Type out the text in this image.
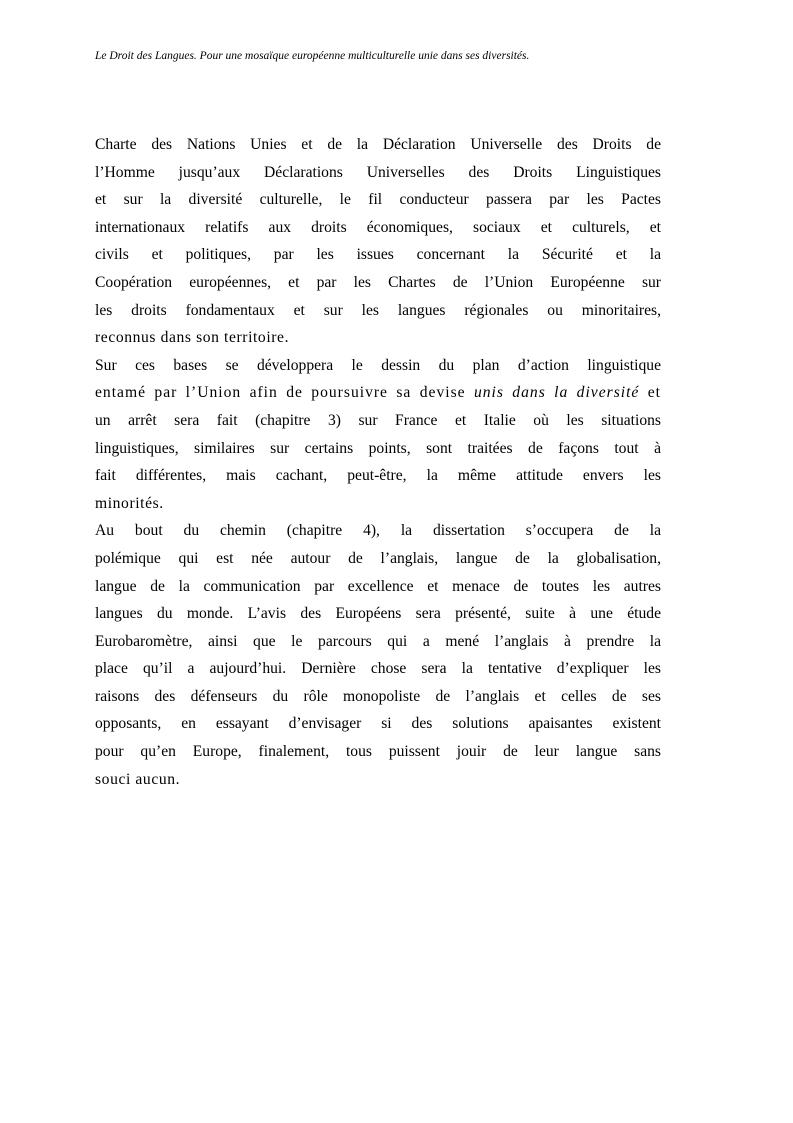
Le Droit des Langues. Pour une mosaïque européenne multiculturelle unie dans ses diversités.
Charte des Nations Unies et de la Déclaration Universelle des Droits de
l’Homme jusqu’aux Déclarations Universelles des Droits Linguistiques
et sur la diversité culturelle, le fil conducteur passera par les Pactes
internationaux relatifs aux droits économiques, sociaux et culturels, et
civils et politiques, par les issues concernant la Sécurité et la
Coopération européennes, et par les Chartes de l’Union Européenne sur
les droits fondamentaux et sur les langues régionales ou minoritaires,
reconnus dans son territoire.
Sur ces bases se développera le dessin du plan d’action linguistique
entamé par l’Union afin de poursuivre sa devise unis dans la diversité et
un arrêt sera fait (chapitre 3) sur France et Italie où les situations
linguistiques, similaires sur certains points, sont traitées de façons tout à
fait différentes, mais cachant, peut-être, la même attitude envers les
minorités.
Au bout du chemin (chapitre 4), la dissertation s’occupera de la
polémique qui est née autour de l’anglais, langue de la globalisation,
langue de la communication par excellence et menace de toutes les autres
langues du monde. L’avis des Européens sera présenté, suite à une étude
Eurobaromètre, ainsi que le parcours qui a mené l’anglais à prendre la
place qu’il a aujourd’hui. Dernière chose sera la tentative d’expliquer les
raisons des défenseurs du rôle monopoliste de l’anglais et celles de ses
opposants, en essayant d’envisager si des solutions apaisantes existent
pour qu’en Europe, finalement, tous puissent jouir de leur langue sans
souci aucun.
